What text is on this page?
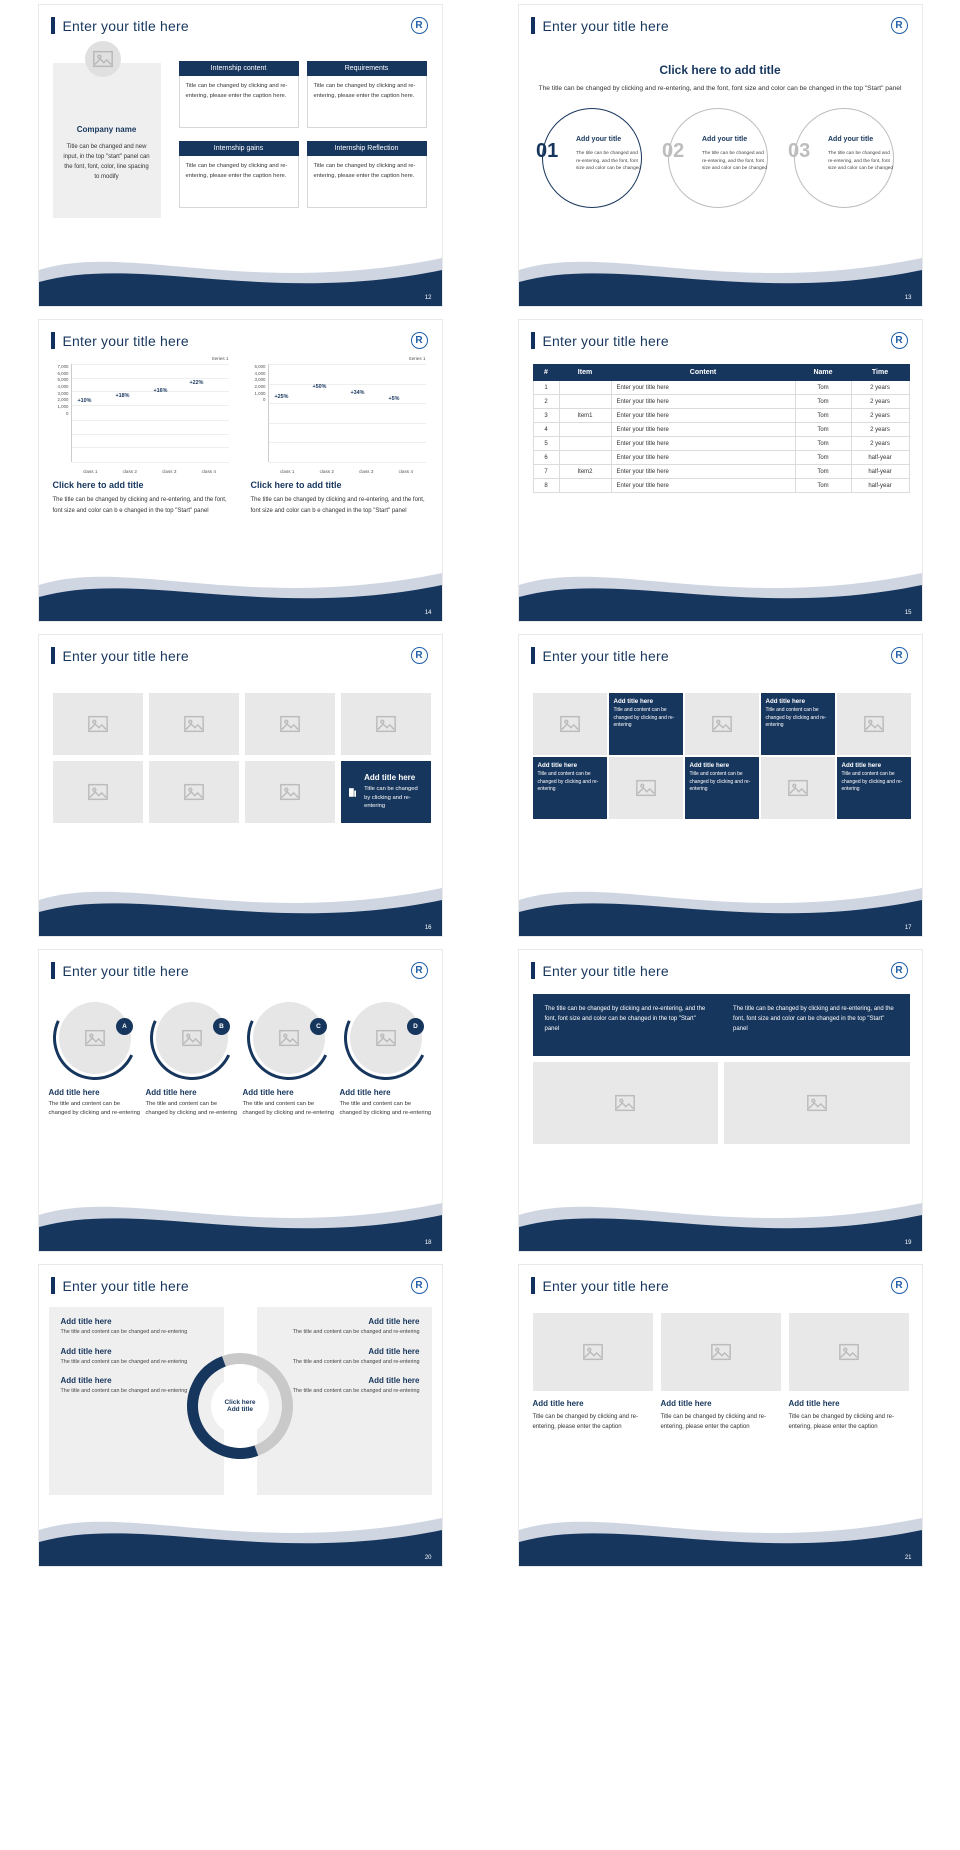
Enter your title here	R
Company name
Title can be changed and new input, in the top "start" panel can the font, font, color, line spacing to modify
Internship content
Title can be changed by clicking and re-entering, please enter the caption here.
Requirements
Title can be changed by clicking and re-entering, please enter the caption here.
Internship gains
Title can be changed by clicking and re-entering, please enter the caption here.
Internship Reflection
Title can be changed by clicking and re-entering, please enter the caption here.
12
Enter your title here	R
Click here to add title
The title can be changed by clicking and re-entering, and the font, font size and color can be changed in the top "Start" panel
01
Add your title
The title can be changed and re-entering, and the font, font size and color can be changed
02
Add your title
The title can be changed and re-entering, and the font, font size and color can be changed
03
Add your title
The title can be changed and re-entering, and the font, font size and color can be changed
13
Enter your title here	R
Series 1
7,000
6,000
5,000
4,000
3,000
2,000
1,000
0
+10%
+18%
+16%
+22%
class 1	class 2	class 3	class 4
Series 1
5,000
4,000
3,000
2,000
1,000
0 +25%
+50%
+34%
+5%
class 1	class 2	class 3	class 4
Click here to add title
The title can be changed by clicking and re-entering, and the font, font size and color can b e changed in the top "Start" panel
Click here to add title
The title can be changed by clicking and re-entering, and the font, font size and color can b e changed in the top "Start" panel
14
Enter your title here	R
#	Item	Content	Name	Time
1		Enter your title here	Tom	2 years
2		Enter your title here	Tom	2 years
3	Item1	Enter your title here	Tom	2 years
4		Enter your title here	Tom	2 years
5		Enter your title here	Tom	2 years
6		Enter your title here	Tom	half-year
7	Item2	Enter your title here	Tom	half-year
8		Enter your title here	Tom	half-year
15
Enter your title here	R
Add title here
Title can be changed by clicking and re-entering
16
Enter your title here	R
Add title here
Title and content can be changed by clicking and re-entering
Add title here
Title and content can be changed by clicking and re-entering
Add title here
Title and content can be changed by clicking and re-entering
Add title here
Title and content can be changed by clicking and re-entering
Add title here
Title and content can be changed by clicking and re-entering
17
Enter your title here	R
A
Add title here

The title and content can be changed by clicking and re-entering

B
Add title here

The title and content can be changed by clicking and re-entering

C
Add title here

The title and content can be changed by clicking and re-entering

D
Add title here

The title and content can be changed by clicking and re-entering

18
Enter your title here	R
The title can be changed by clicking and re-entering, and the font, font size and color can be changed in the top "Start" panel
The title can be changed by clicking and re-entering, and the font, font size and color can be changed in the top "Start" panel
19
Enter your title here	R
Add title here

The title and content can be changed and re-entering

Add title here

The title and content can be changed and re-entering

Add title here

The title and content can be changed and re-entering

Add title here

The title and content can be changed and re-entering

Add title here

The title and content can be changed and re-entering

Add title here

The title and content can be changed and re-entering

Click here
Add title
20
Enter your title here	R
Add title here

Title can be changed by clicking and re-entering, please enter the caption

Add title here

Title can be changed by clicking and re-entering, please enter the caption

Add title here

Title can be changed by clicking and re-entering, please enter the caption

21
